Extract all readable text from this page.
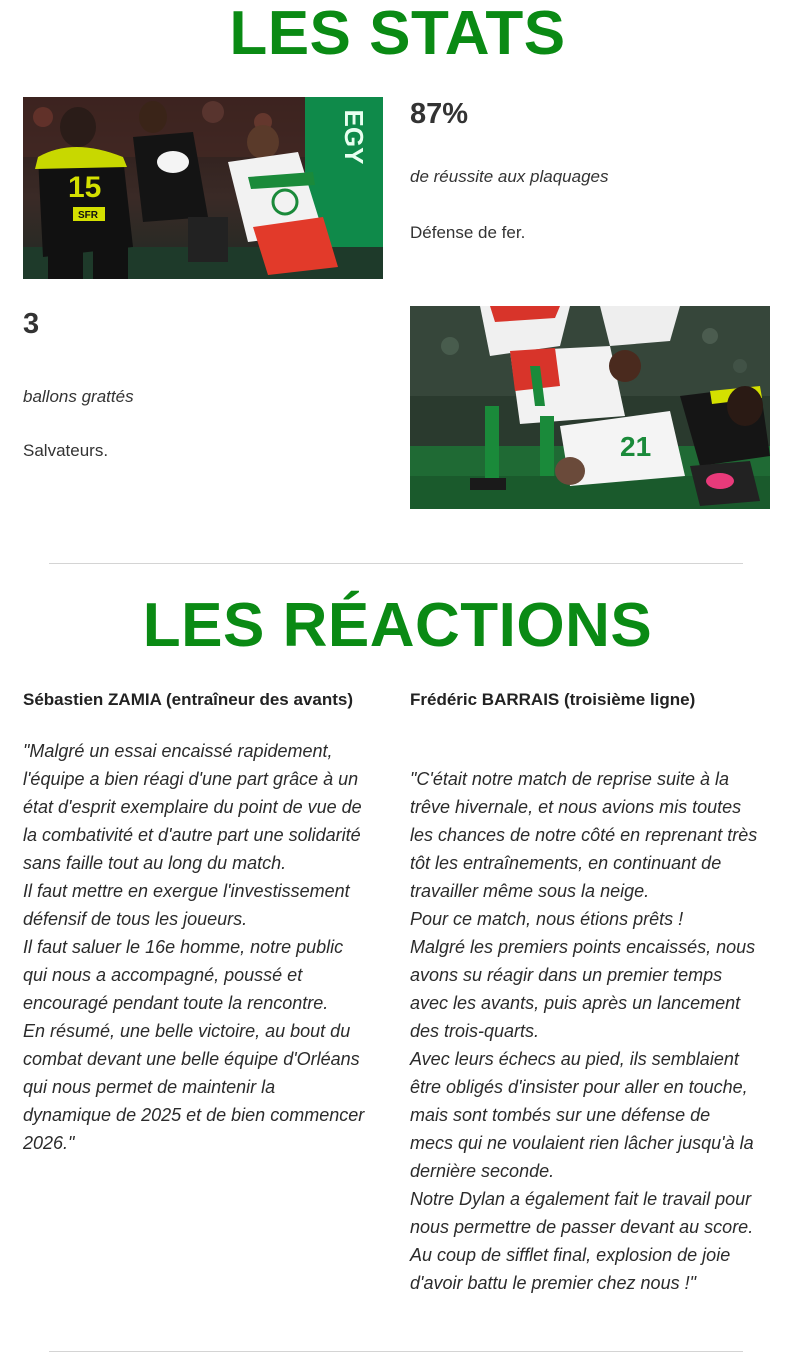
LES STATS
EGY
15
SFR
87%
de réussite aux plaquages
Défense de fer.
3
ballons grattés
Salvateurs.	21
LES RÉACTIONS
Sébastien ZAMIA (entraîneur des avants)
"Malgré un essai encaissé rapidement,
l'équipe a bien réagi d'une part grâce à un
état d'esprit exemplaire du point de vue de
la combativité et d'autre part une solidarité
sans faille tout au long du match.
Il faut mettre en exergue l'investissement
défensif de tous les joueurs.
Il faut saluer le 16e homme, notre public
qui nous a accompagné, poussé et
encouragé pendant toute la rencontre.
En résumé, une belle victoire, au bout du
combat devant une belle équipe d'Orléans
qui nous permet de maintenir la
dynamique de 2025 et de bien commencer
2026."
Frédéric BARRAIS (troisième ligne)
"C'était notre match de reprise suite à la
trêve hivernale, et nous avions mis toutes
les chances de notre côté en reprenant très
tôt les entraînements, en continuant de
travailler même sous la neige.
Pour ce match, nous étions prêts !
Malgré les premiers points encaissés, nous
avons su réagir dans un premier temps
avec les avants, puis après un lancement
des trois-quarts.
Avec leurs échecs au pied, ils semblaient
être obligés d'insister pour aller en touche,
mais sont tombés sur une défense de
mecs qui ne voulaient rien lâcher jusqu'à la
dernière seconde.
Notre Dylan a également fait le travail pour
nous permettre de passer devant au score.
Au coup de sifflet final, explosion de joie
d'avoir battu le premier chez nous !"
